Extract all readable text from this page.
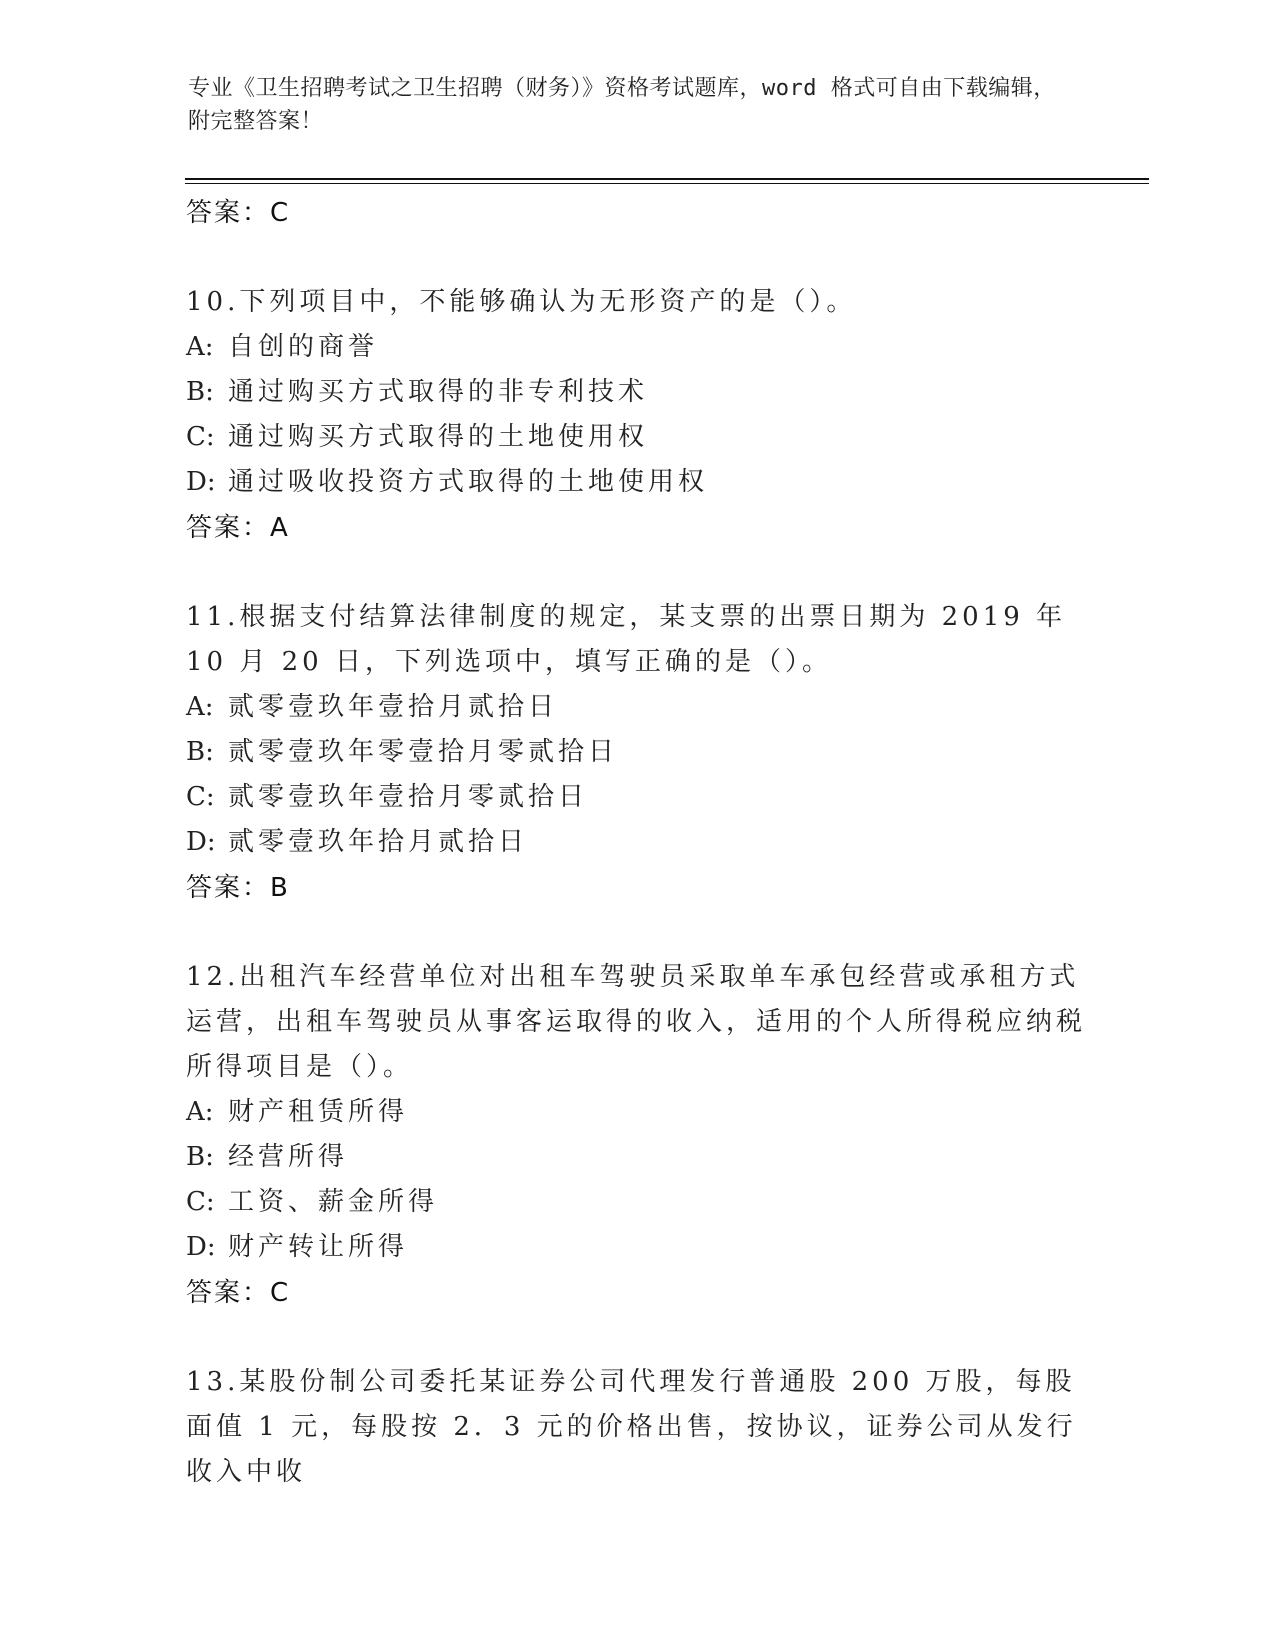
专业《卫生招聘考试之卫生招聘（财务）》资格考试题库，word 格式可自由下载编辑，附完整答案！
答案：C
10.下列项目中，不能够确认为无形资产的是（）。
A: 自创的商誉
B: 通过购买方式取得的非专利技术
C: 通过购买方式取得的土地使用权
D: 通过吸收投资方式取得的土地使用权
答案：A
11.根据支付结算法律制度的规定，某支票的出票日期为 2019 年 10 月 20 日，下列选项中，填写正确的是（）。
A: 贰零壹玖年壹拾月贰拾日
B: 贰零壹玖年零壹拾月零贰拾日
C: 贰零壹玖年壹拾月零贰拾日
D: 贰零壹玖年拾月贰拾日
答案：B
12.出租汽车经营单位对出租车驾驶员采取单车承包经营或承租方式运营，出租车驾驶员从事客运取得的收入，适用的个人所得税应纳税所得项目是（）。
A: 财产租赁所得
B: 经营所得
C: 工资、薪金所得
D: 财产转让所得
答案：C
13.某股份制公司委托某证券公司代理发行普通股 200 万股，每股面值 1 元，每股按 2．3 元的价格出售，按协议，证券公司从发行收入中收
